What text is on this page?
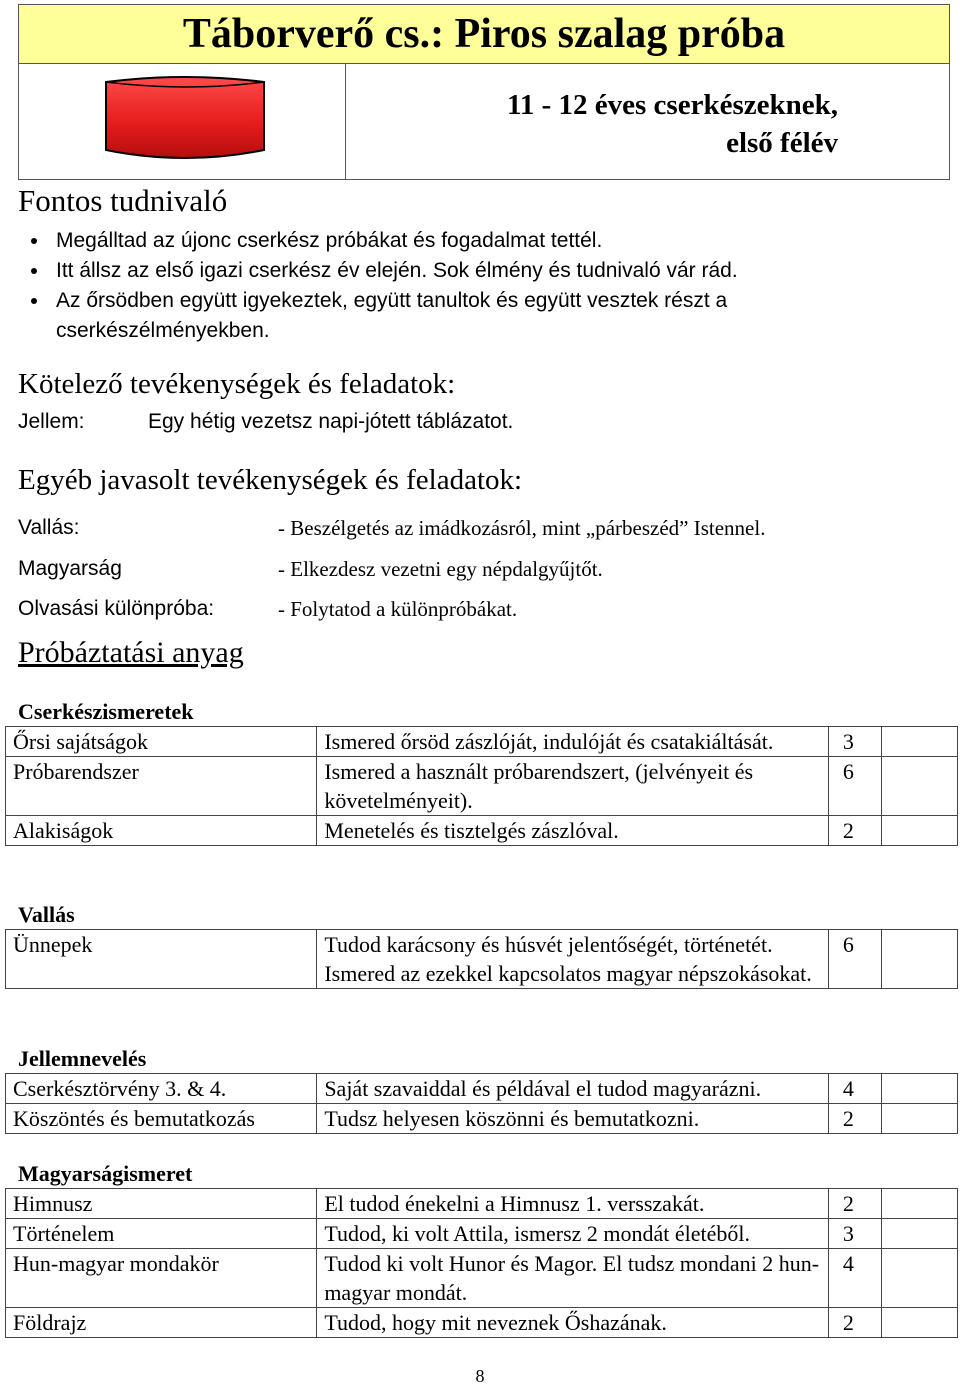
Táborverő cs.: Piros szalag próba
11 - 12 éves cserkészeknek,
első félév
Fontos tudnivaló
• Megálltad az újonc cserkész próbákat és fogadalmat tettél.
• Itt állsz az első igazi cserkész év elején. Sok élmény és tudnivaló vár rád.
• Az őrsödben együtt igyekeztek, együtt tanultok és együtt vesztek részt a cserkészélményekben.
Kötelező tevékenységek és feladatok:
Jellem:	Egy hétig vezetsz napi-jótett táblázatot.
Egyéb javasolt tevékenységek és feladatok:
Vallás:	- Beszélgetés az imádkozásról, mint „párbeszéd” Istennel.
Magyarság	- Elkezdesz vezetni egy népdalgyűjtőt.
Olvasási különpróba:	- Folytatod a különpróbákat.
Próbáztatási anyag
Cserkészismeretek
Őrsi sajátságok	Ismered őrsöd zászlóját, indulóját és csatakiáltását.	3	
Próbarendszer	Ismered a használt próbarendszert, (jelvényeit és követelményeit).	6	
Alakiságok	Menetelés és tisztelgés zászlóval.	2	
Vallás
Ünnepek	Tudod karácsony és húsvét jelentőségét, történetét. Ismered az ezekkel kapcsolatos magyar népszokásokat.	6	
Jellemnevelés
Cserkésztörvény 3. & 4.	Saját szavaiddal és példával el tudod magyarázni.	4	
Köszöntés és bemutatkozás	Tudsz helyesen köszönni és bemutatkozni.	2	
Magyarságismeret
Himnusz	El tudod énekelni a Himnusz 1. versszakát.	2	
Történelem	Tudod, ki volt Attila, ismersz 2 mondát életéből.	3	
Hun-magyar mondakör	Tudod ki volt Hunor és Magor. El tudsz mondani 2 hun-magyar mondát.	4	
Földrajz	Tudod, hogy mit neveznek Őshazának.	2	
8
